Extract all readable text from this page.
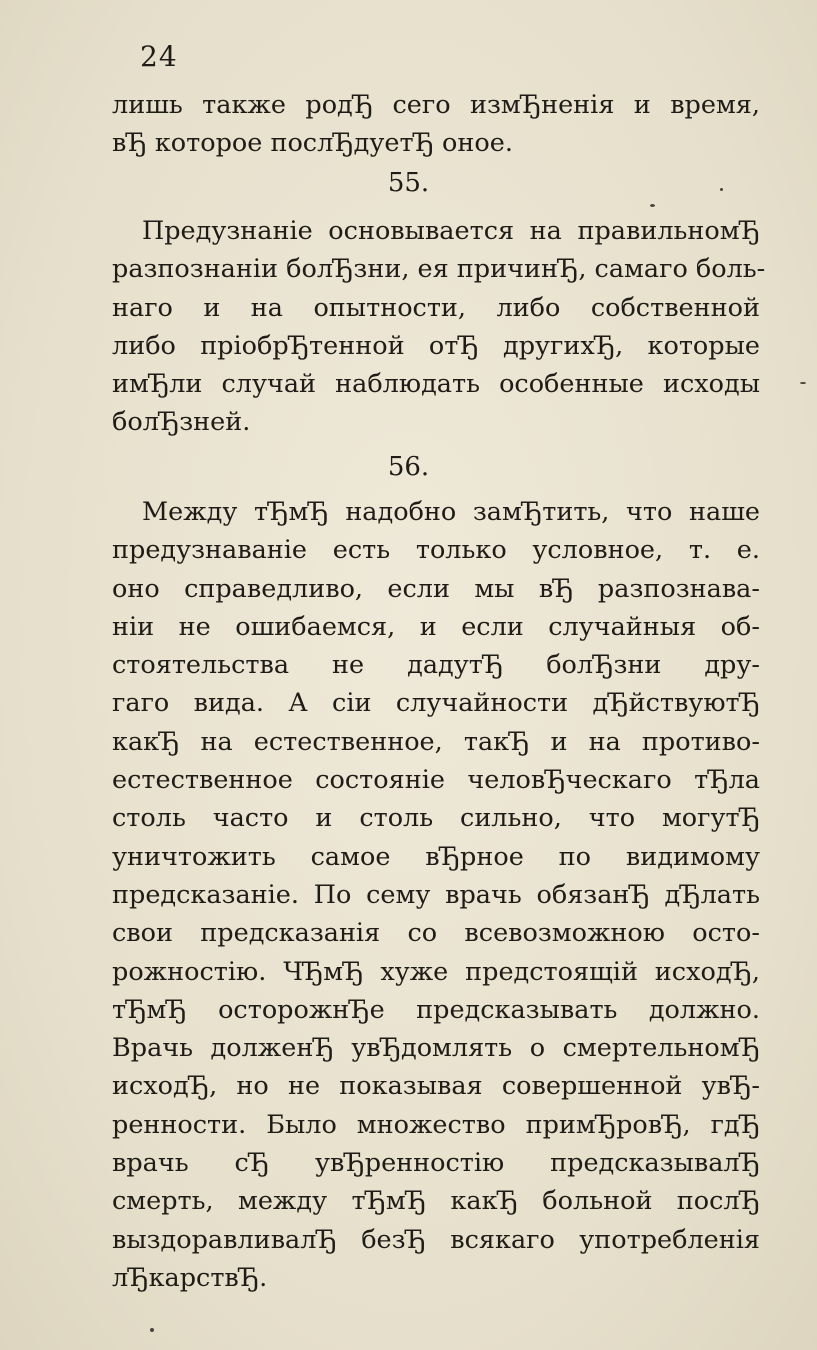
24
лишь также родЂ сего измЂненія и время,
вЂ которое послЂдуетЂ оное.
55.
Предузнаніе основывается на правильномЂ
разпознаніи болЂзни, ея причинЂ, самаго боль-
наго и на опытности, либо собственной
либо пріобрЂтенной отЂ другихЂ, которые
имЂли случай наблюдать особенные исходы
болЂзней.
56.
Между тЂмЂ надобно замЂтить, что наше
предузнаваніе есть только условное, т. е.
оно справедливо, если мы вЂ разпознава-
ніи не ошибаемся, и если случайныя об-
стоятельства не дадутЂ болЂзни дру-
гаго вида. А сіи случайности дЂйствуютЂ
какЂ на естественное, такЂ и на противо-
естественное состояніе человЂческаго тЂла
столь часто и столь сильно, что могутЂ
уничтожить самое вЂрное по видимому
предсказаніе. По сему врачь обязанЂ дЂлать
свои предсказанія со всевозможною осто-
рожностію. ЧЂмЂ хуже предстоящій исходЂ,
тЂмЂ осторожнЂе предсказывать должно.
Врачь долженЂ увЂдомлять о смертельномЂ
исходЂ, но не показывая совершенной увЂ-
ренности. Было множество примЂровЂ, гдЂ
врачь сЂ увЂренностію предсказывалЂ
смерть, между тЂмЂ какЂ больной послЂ
выздоравливалЂ безЂ всякаго употребленія
лЂкарствЂ.
